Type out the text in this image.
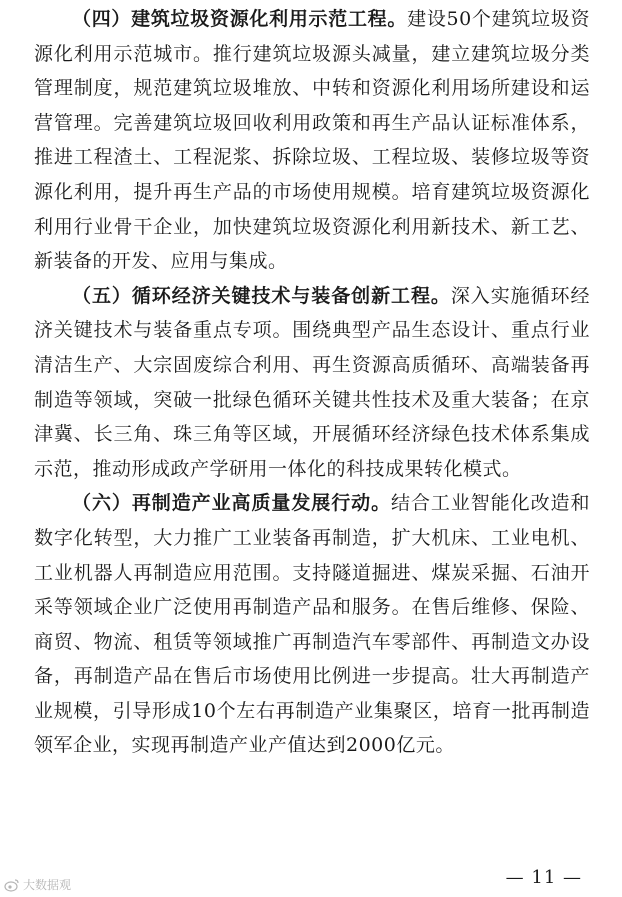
（四）建筑垃圾资源化利用示范工程。建设50个建筑垃圾资源化利用示范城市。推行建筑垃圾源头减量，建立建筑垃圾分类管理制度，规范建筑垃圾堆放、中转和资源化利用场所建设和运营管理。完善建筑垃圾回收利用政策和再生产品认证标准体系，推进工程渣土、工程泥浆、拆除垃圾、工程垃圾、装修垃圾等资源化利用，提升再生产品的市场使用规模。培育建筑垃圾资源化利用行业骨干企业，加快建筑垃圾资源化利用新技术、新工艺、新装备的开发、应用与集成。

（五）循环经济关键技术与装备创新工程。深入实施循环经济关键技术与装备重点专项。围绕典型产品生态设计、重点行业清洁生产、大宗固废综合利用、再生资源高质循环、高端装备再制造等领域，突破一批绿色循环关键共性技术及重大装备；在京津冀、长三角、珠三角等区域，开展循环经济绿色技术体系集成示范，推动形成政产学研用一体化的科技成果转化模式。

（六）再制造产业高质量发展行动。结合工业智能化改造和数字化转型，大力推广工业装备再制造，扩大机床、工业电机、工业机器人再制造应用范围。支持隧道掘进、煤炭采掘、石油开采等领域企业广泛使用再制造产品和服务。在售后维修、保险、商贸、物流、租赁等领域推广再制造汽车零部件、再制造文办设备，再制造产品在售后市场使用比例进一步提高。壮大再制造产业规模，引导形成10个左右再制造产业集聚区，培育一批再制造领军企业，实现再制造产业产值达到2000亿元。

大数据观	— 11 —
